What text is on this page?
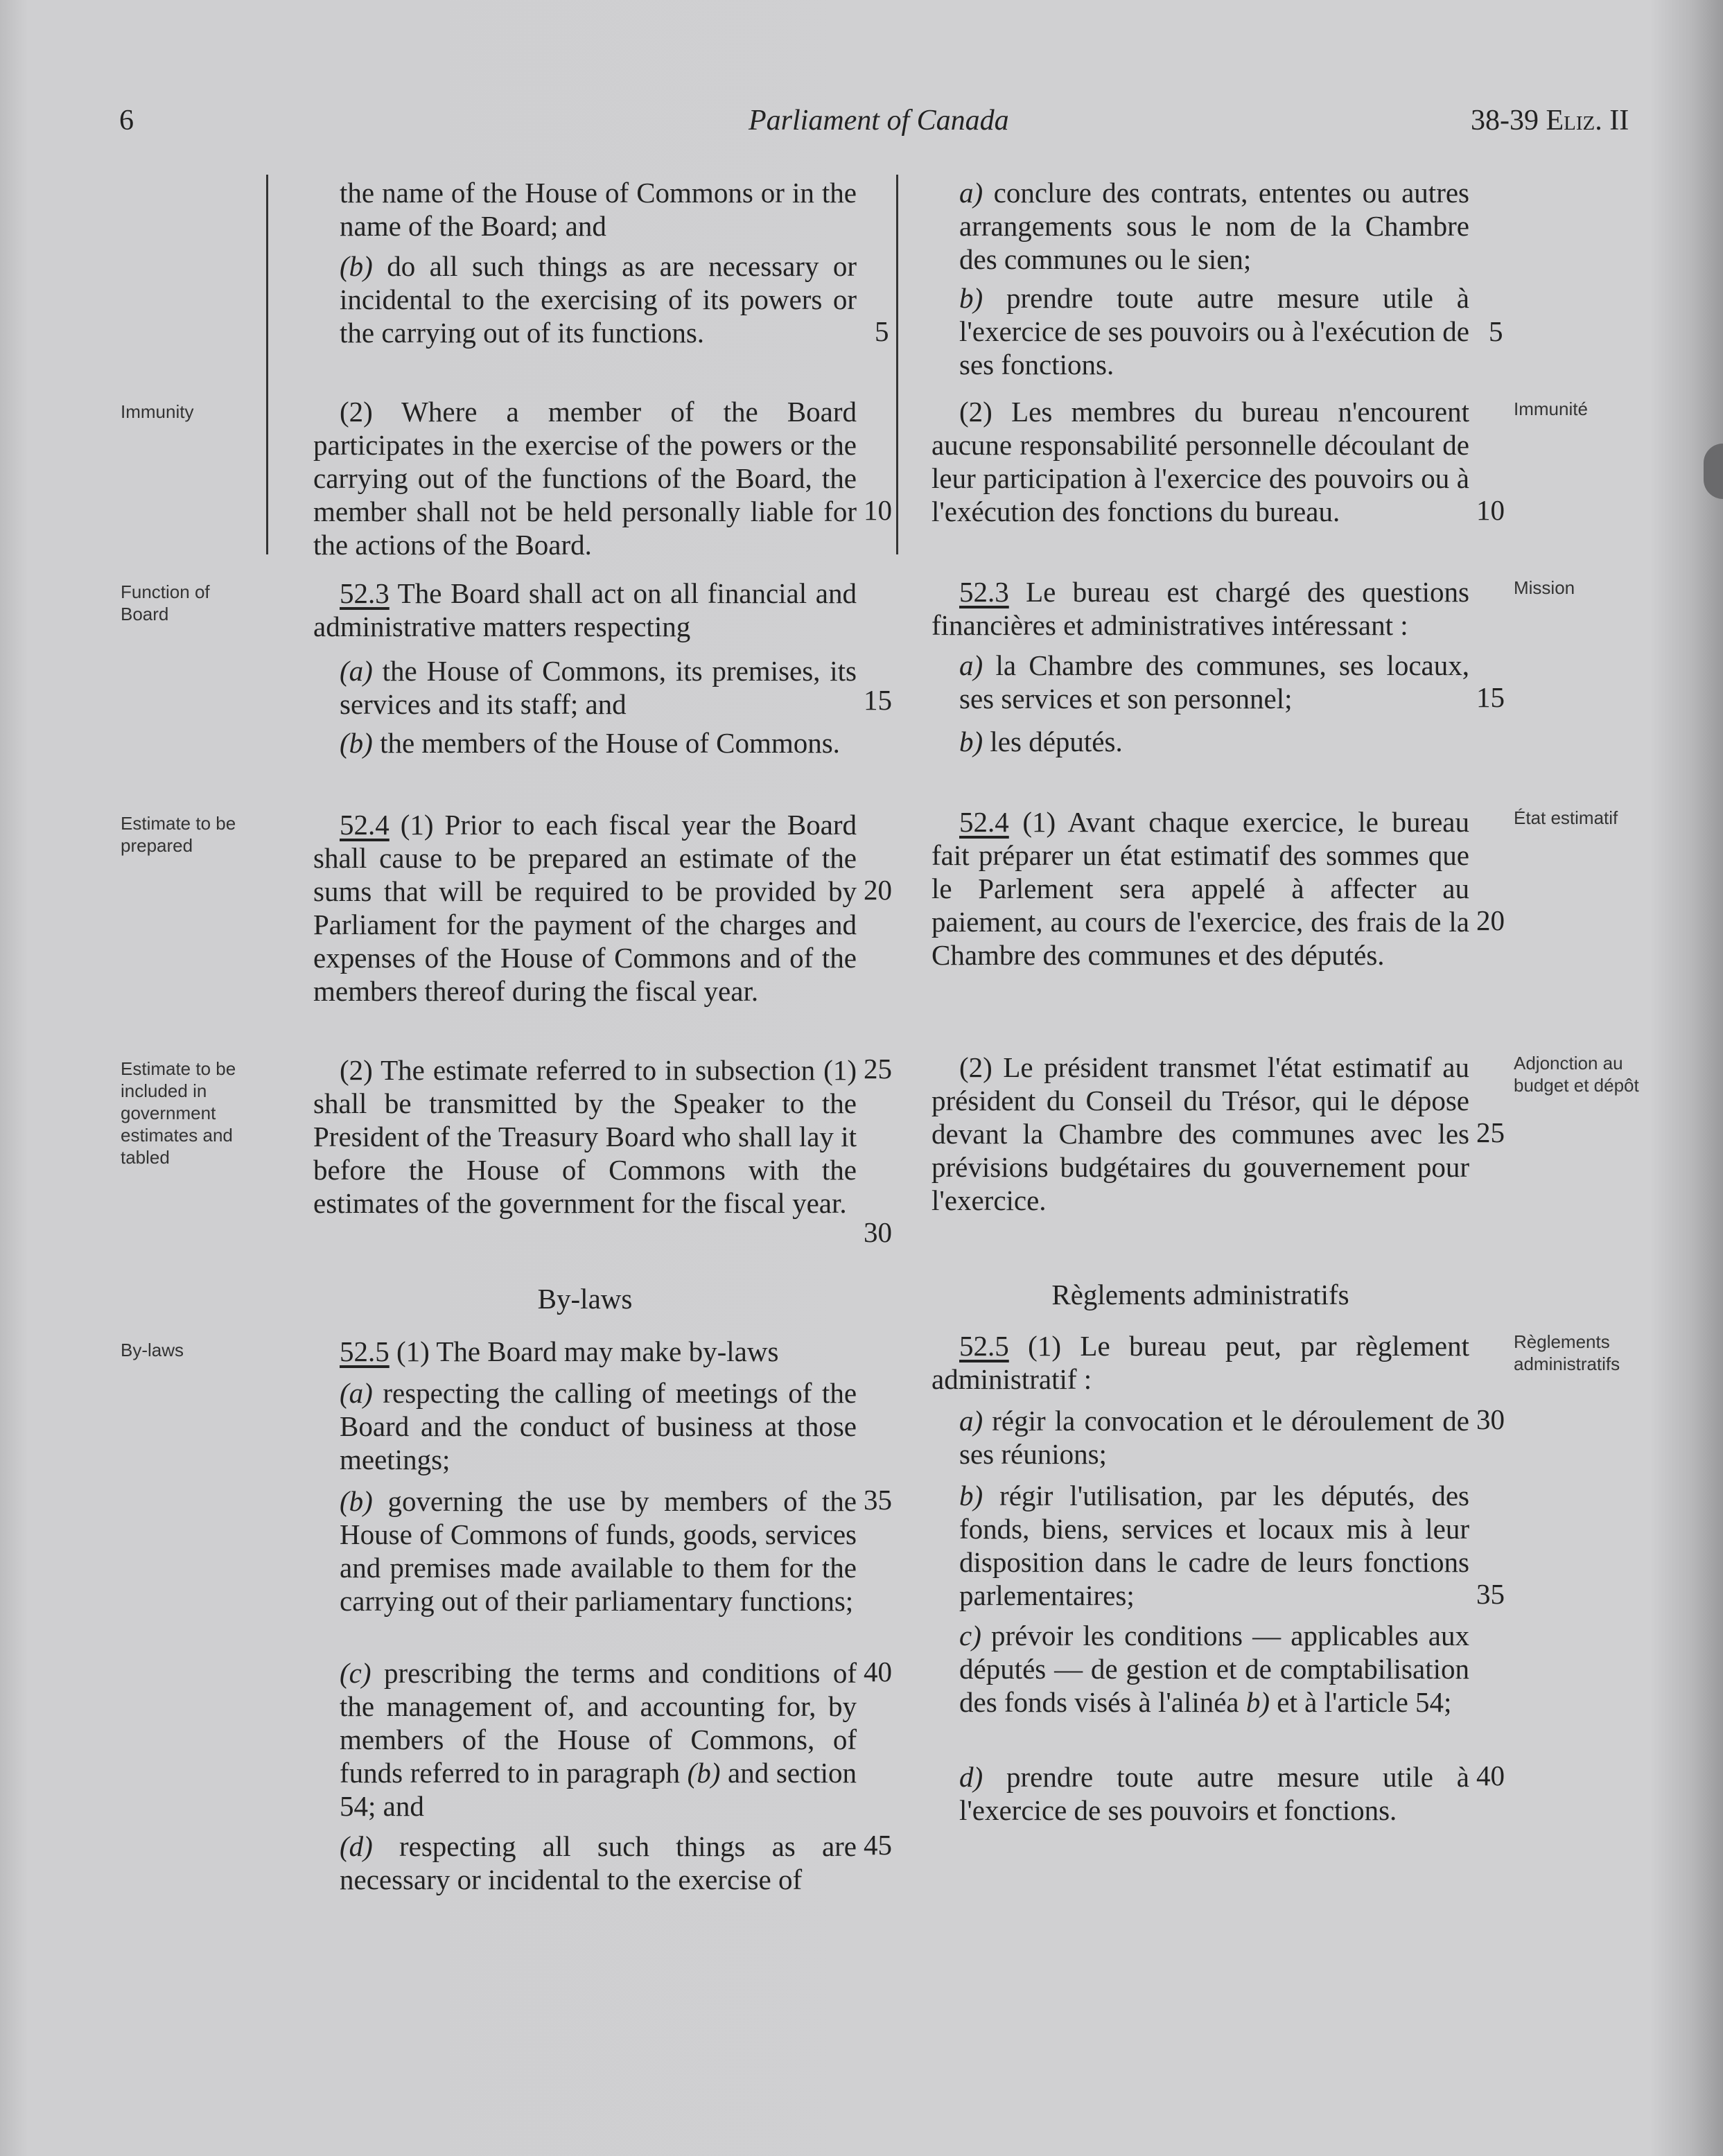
6	Parliament of Canada	38-39 Eliz. II
Immunity
Function of Board
Estimate to be prepared
Estimate to be included in government estimates and tabled
By-laws
Immunité
Mission
État estimatif
Adjonction au budget et dépôt
Règlements administratifs
the name of the House of Commons or in the name of the Board; and
(b) do all such things as are necessary or incidental to the exercising of its powers or the carrying out of its functions.
(2) Where a member of the Board participates in the exercise of the powers or the carrying out of the functions of the Board, the member shall not be held personally liable for the actions of the Board.
52.3 The Board shall act on all financial and administrative matters respecting
(a) the House of Commons, its premises, its services and its staff; and
(b) the members of the House of Commons.
52.4 (1) Prior to each fiscal year the Board shall cause to be prepared an estimate of the sums that will be required to be provided by Parliament for the payment of the charges and expenses of the House of Commons and of the members thereof during the fiscal year.
(2) The estimate referred to in subsection (1) shall be transmitted by the Speaker to the President of the Treasury Board who shall lay it before the House of Commons with the estimates of the government for the fiscal year.
By-laws
52.5 (1) The Board may make by-laws
(a) respecting the calling of meetings of the Board and the conduct of business at those meetings;
(b) governing the use by members of the House of Commons of funds, goods, services and premises made available to them for the carrying out of their parliamentary functions;
(c) prescribing the terms and conditions of the management of, and accounting for, by members of the House of Commons, of funds referred to in paragraph (b) and section 54; and
(d) respecting all such things as are necessary or incidental to the exercise of
5
10
15
20
25
30
35
40
45
a) conclure des contrats, ententes ou autres arrangements sous le nom de la Chambre des communes ou le sien;
b) prendre toute autre mesure utile à l'exercice de ses pouvoirs ou à l'exécution de ses fonctions.
(2) Les membres du bureau n'encourent aucune responsabilité personnelle découlant de leur participation à l'exercice des pouvoirs ou à l'exécution des fonctions du bureau.
52.3 Le bureau est chargé des questions financières et administratives intéressant :
a) la Chambre des communes, ses locaux, ses services et son personnel;
b) les députés.
52.4 (1) Avant chaque exercice, le bureau fait préparer un état estimatif des sommes que le Parlement sera appelé à affecter au paiement, au cours de l'exercice, des frais de la Chambre des communes et des députés.
(2) Le président transmet l'état estimatif au président du Conseil du Trésor, qui le dépose devant la Chambre des communes avec les prévisions budgétaires du gouvernement pour l'exercice.
Règlements administratifs
52.5 (1) Le bureau peut, par règlement administratif :
a) régir la convocation et le déroulement de ses réunions;
b) régir l'utilisation, par les députés, des fonds, biens, services et locaux mis à leur disposition dans le cadre de leurs fonctions parlementaires;
c) prévoir les conditions — applicables aux députés — de gestion et de comptabilisation des fonds visés à l'alinéa b) et à l'article 54;
d) prendre toute autre mesure utile à l'exercice de ses pouvoirs et fonctions.
5
10
15
20
25
30
35
40
